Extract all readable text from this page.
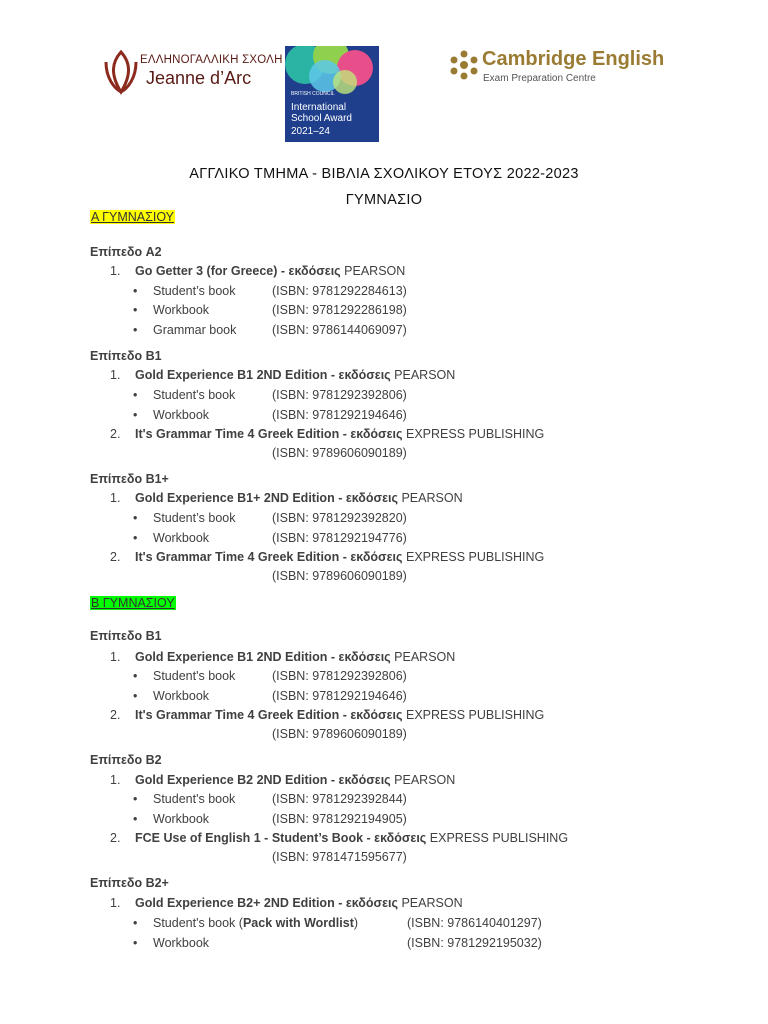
ΕΛΛΗΝΟΓΑΛΛΙΚΗ ΣΧΟΛΗ
Jeanne d’Arc
BRITISH COUNCIL
International
School Award
2021–24
Cambridge English
Exam Preparation Centre
ΑΓΓΛΙΚΟ ΤΜΗΜΑ - ΒΙΒΛΙΑ ΣΧΟΛΙΚΟΥ ΕΤΟΥΣ 2022-2023
ΓΥΜΝΑΣΙΟ
Α ΓΥΜΝΑΣΙΟΥ
Επίπεδο A2
1. Go Getter 3 (for Greece) - εκδόσεις PEARSON
• Student’s book	(ISBN: 9781292284613)
• Workbook	(ISBN: 9781292286198)
• Grammar book	(ISBN: 9786144069097)
Επίπεδο B1
1. Gold Experience B1 2ND Edition - εκδόσεις PEARSON
• Student's book	(ISBN: 9781292392806)
• Workbook	(ISBN: 9781292194646)
2. It's Grammar Time 4 Greek Edition - εκδόσεις EXPRESS PUBLISHING
(ISBN: 9789606090189)
Επίπεδο B1+
1. Gold Experience B1+ 2ND Edition - εκδόσεις PEARSON
• Student’s book	(ISBN: 9781292392820)
• Workbook	(ISBN: 9781292194776)
2. It's Grammar Time 4 Greek Edition - εκδόσεις EXPRESS PUBLISHING
(ISBN: 9789606090189)
Β ΓΥΜΝΑΣΙΟΥ
Επίπεδο B1
1. Gold Experience B1 2ND Edition - εκδόσεις PEARSON
• Student's book	(ISBN: 9781292392806)
• Workbook	(ISBN: 9781292194646)
2. It's Grammar Time 4 Greek Edition - εκδόσεις EXPRESS PUBLISHING
(ISBN: 9789606090189)
Επίπεδο B2
1. Gold Experience B2 2ND Edition - εκδόσεις PEARSON
• Student's book	(ISBN: 9781292392844)
• Workbook	(ISBN: 9781292194905)
2. FCE Use of English 1 - Student’s Book - εκδόσεις EXPRESS PUBLISHING
(ISBN: 9781471595677)
Επίπεδο B2+
1. Gold Experience B2+ 2ND Edition - εκδόσεις PEARSON
• Student's book (Pack with Wordlist)	(ISBN: 9786140401297)
• Workbook	(ISBN: 9781292195032)
